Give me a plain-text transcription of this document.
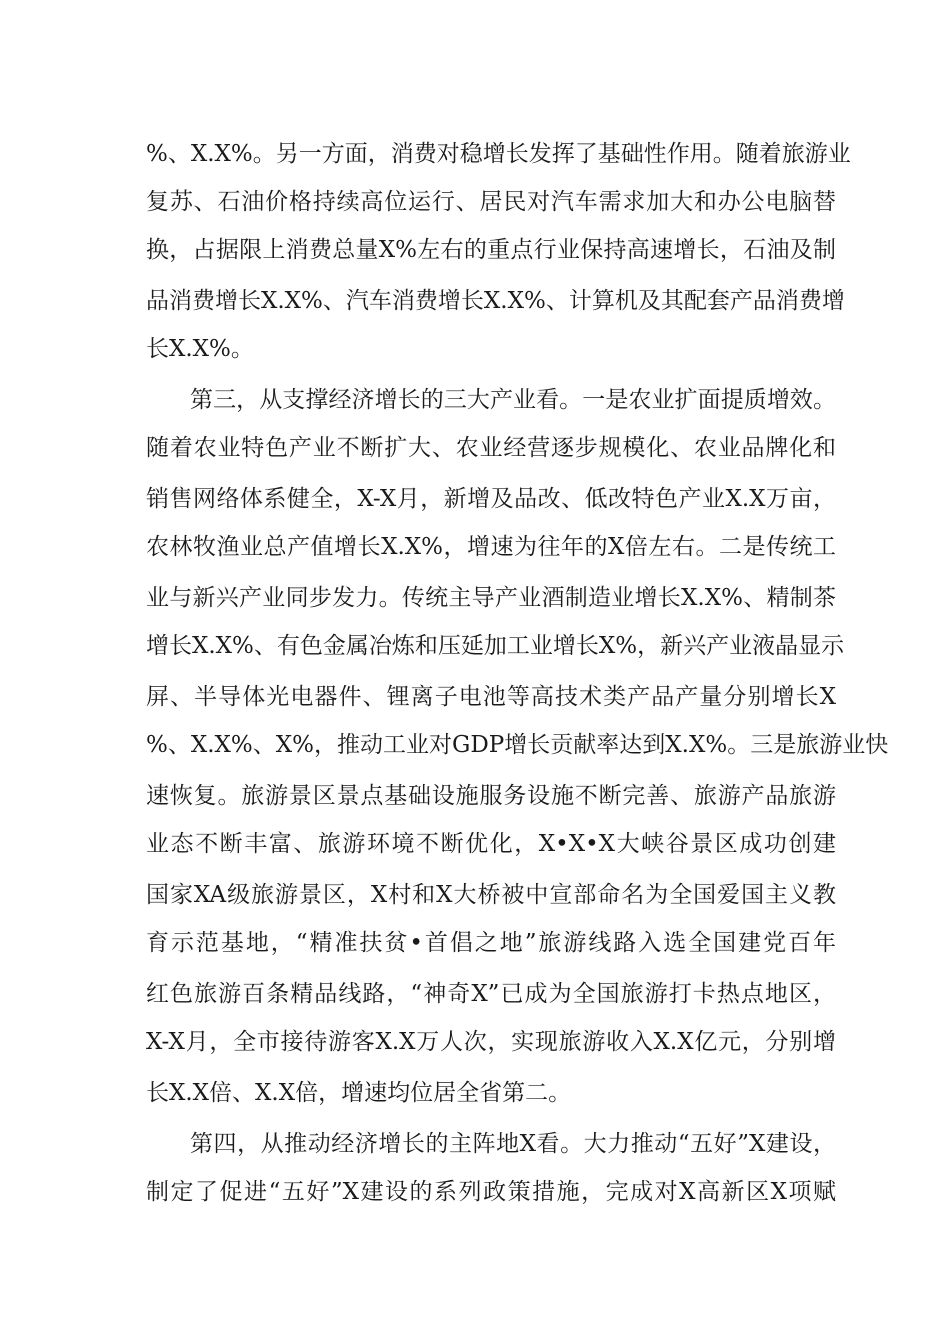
%、X.X%。另一方面，消费对稳增长发挥了基础性作用。随着旅游业
复苏、石油价格持续高位运行、居民对汽车需求加大和办公电脑替
换，占据限上消费总量X%左右的重点行业保持高速增长，石油及制
品消费增长X.X%、汽车消费增长X.X%、计算机及其配套产品消费增
长X.X%。
第三，从支撑经济增长的三大产业看。一是农业扩面提质增效。
随着农业特色产业不断扩大、农业经营逐步规模化、农业品牌化和
销售网络体系健全，X-X月，新增及品改、低改特色产业X.X万亩，
农林牧渔业总产值增长X.X%，增速为往年的X倍左右。二是传统工
业与新兴产业同步发力。传统主导产业酒制造业增长X.X%、精制茶
增长X.X%、有色金属冶炼和压延加工业增长X%，新兴产业液晶显示
屏、半导体光电器件、锂离子电池等高技术类产品产量分别增长X
%、X.X%、X%，推动工业对GDP增长贡献率达到X.X%。三是旅游业快
速恢复。旅游景区景点基础设施服务设施不断完善、旅游产品旅游
业态不断丰富、旅游环境不断优化，X•X•X大峡谷景区成功创建
国家XA级旅游景区，X村和X大桥被中宣部命名为全国爱国主义教
育示范基地，“精准扶贫•首倡之地”旅游线路入选全国建党百年
红色旅游百条精品线路，“神奇X”已成为全国旅游打卡热点地区，
X-X月，全市接待游客X.X万人次，实现旅游收入X.X亿元，分别增
长X.X倍、X.X倍，增速均位居全省第二。
第四，从推动经济增长的主阵地X看。大力推动“五好”X建设，
制定了促进“五好”X建设的系列政策措施，完成对X高新区X项赋
